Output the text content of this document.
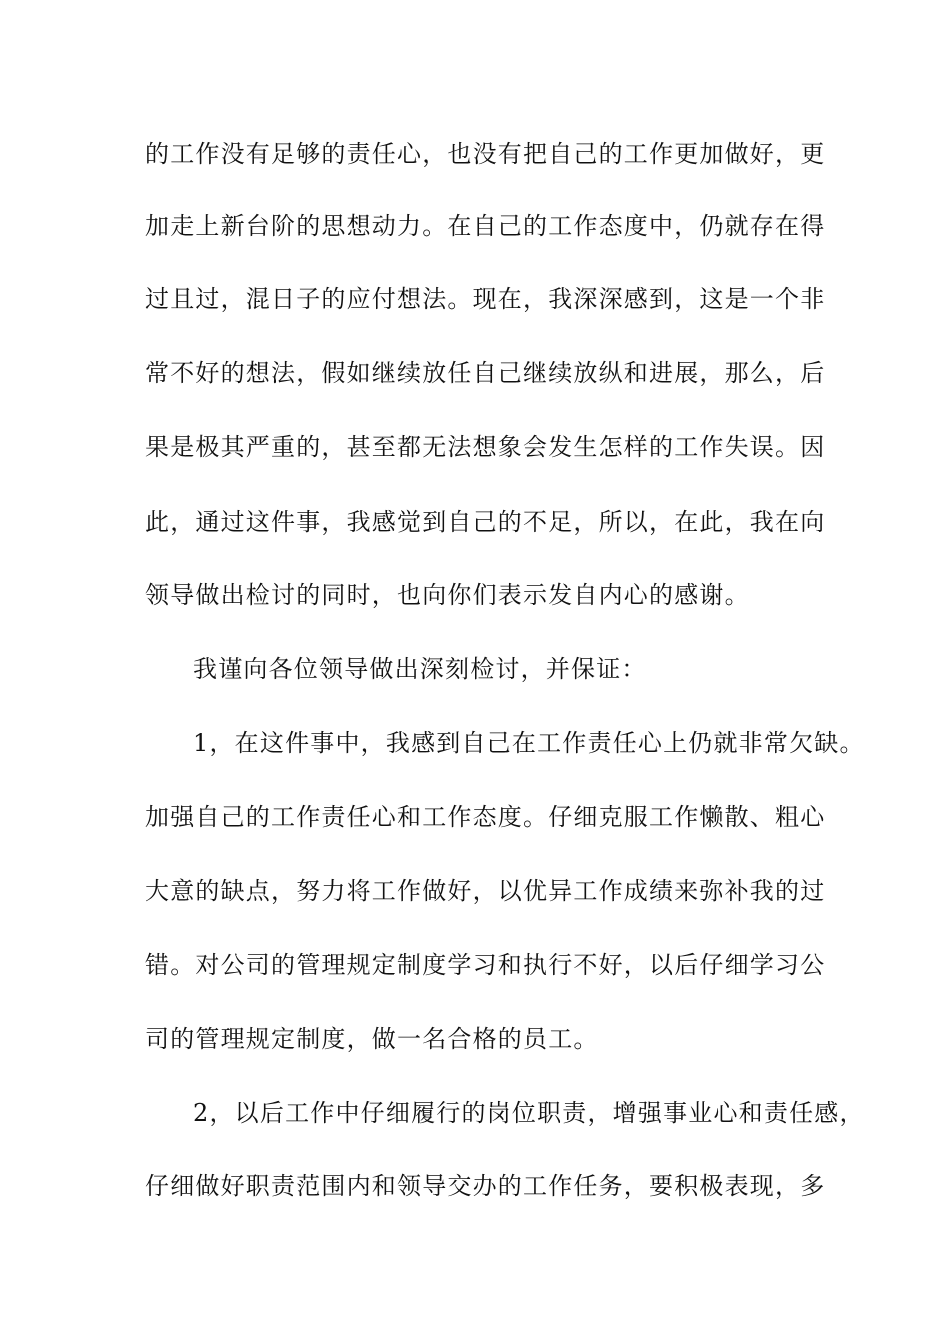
的工作没有足够的责任心，也没有把自己的工作更加做好，更

加走上新台阶的思想动力。在自己的工作态度中，仍就存在得

过且过，混日子的应付想法。现在，我深深感到，这是一个非

常不好的想法，假如继续放任自己继续放纵和进展，那么，后

果是极其严重的，甚至都无法想象会发生怎样的工作失误。因

此，通过这件事，我感觉到自己的不足，所以，在此，我在向

领导做出检讨的同时，也向你们表示发自内心的感谢。

我谨向各位领导做出深刻检讨，并保证：

1，在这件事中，我感到自己在工作责任心上仍就非常欠缺。

加强自己的工作责任心和工作态度。仔细克服工作懒散、粗心

大意的缺点，努力将工作做好，以优异工作成绩来弥补我的过

错。对公司的管理规定制度学习和执行不好，以后仔细学习公

司的管理规定制度，做一名合格的员工。

2，以后工作中仔细履行的岗位职责，增强事业心和责任感，

仔细做好职责范围内和领导交办的工作任务，要积极表现，多
